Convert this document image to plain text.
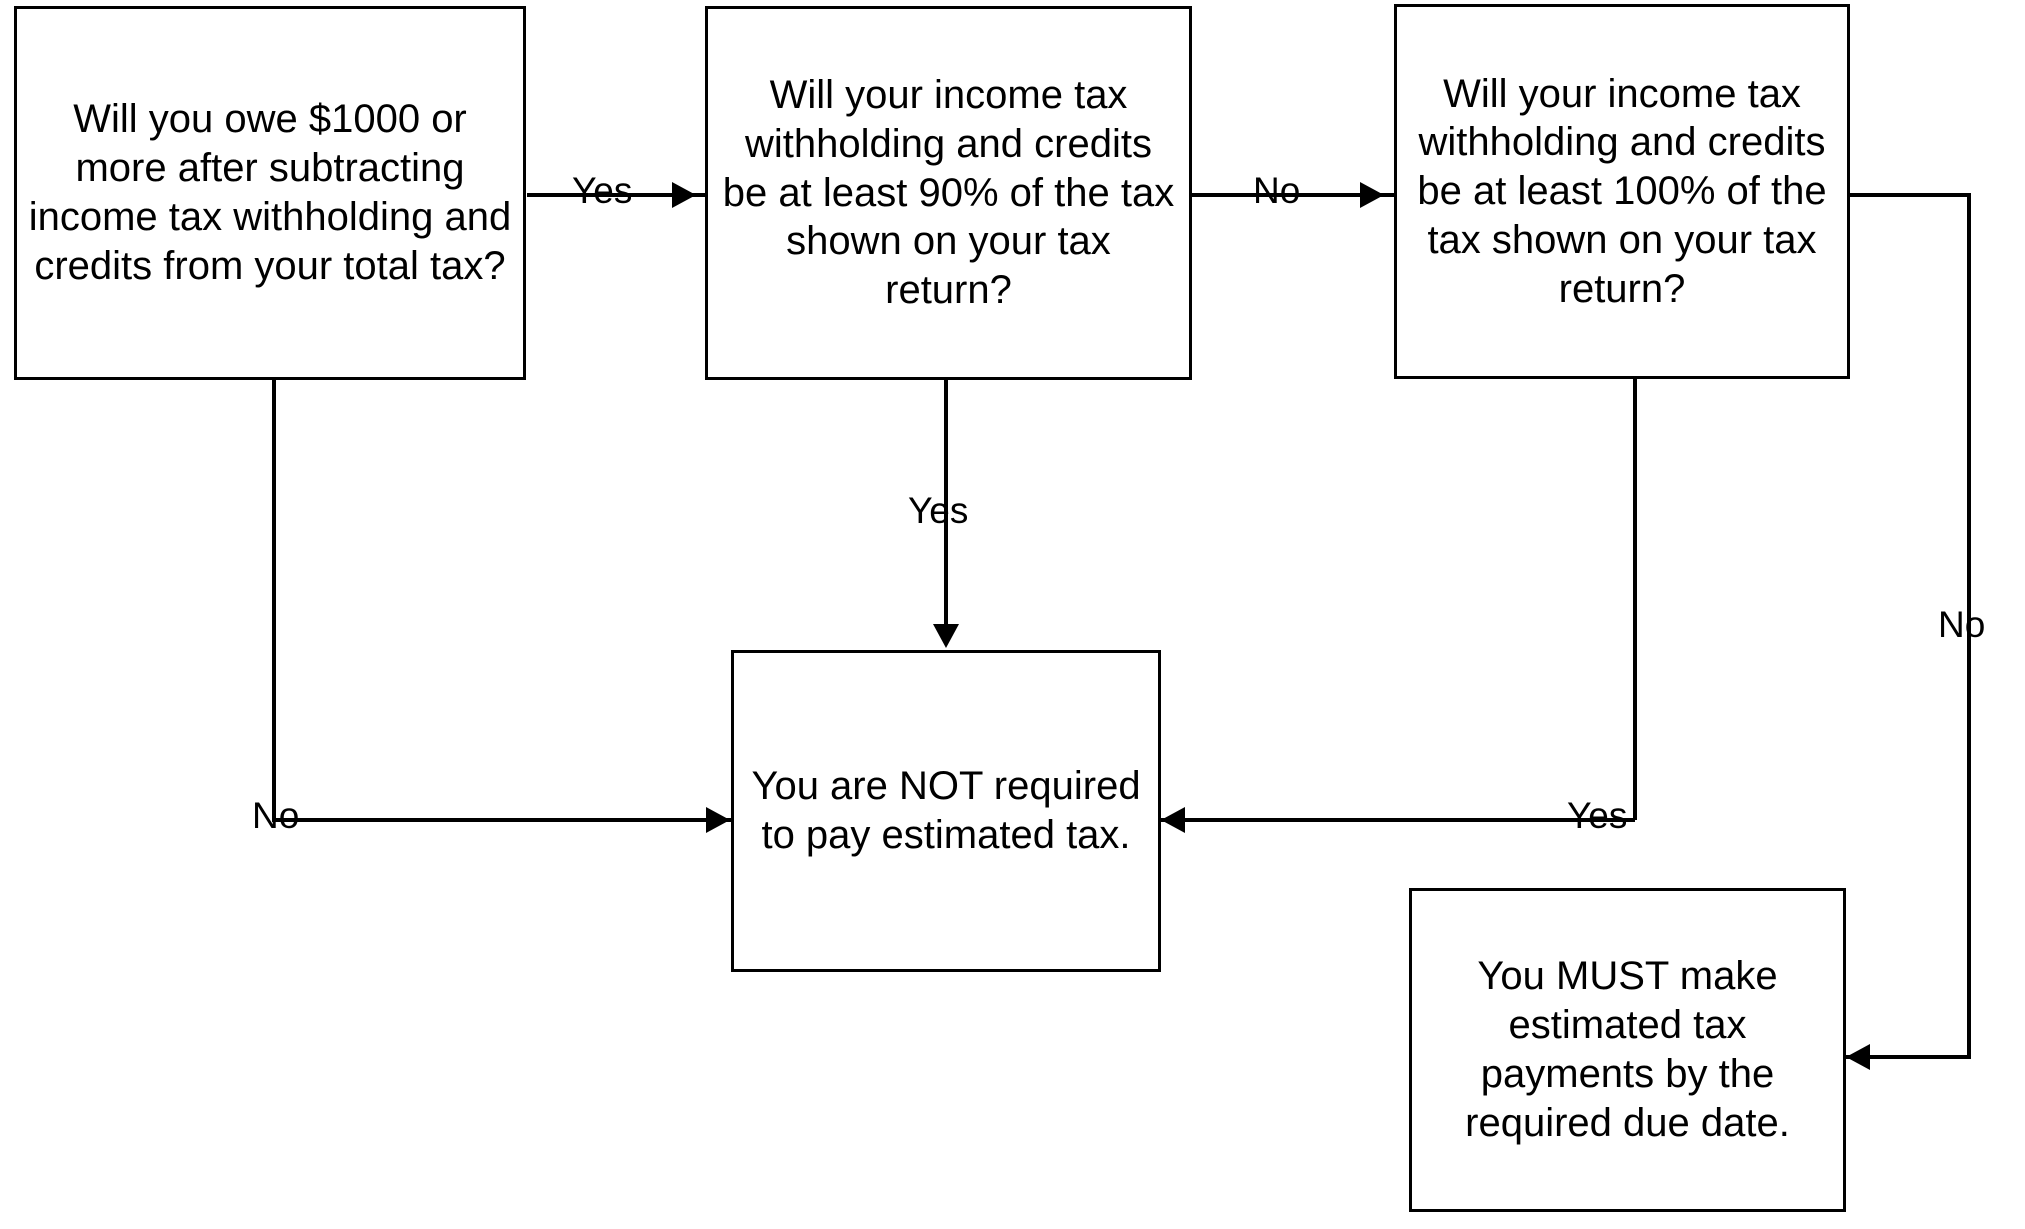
Will you owe $1000 or more after subtracting income tax withholding and credits from your total tax?
Will your income tax withholding and credits be at least 90% of the tax shown on your tax return?
Will your income tax withholding and credits be at least 100% of the tax shown on your tax return?
You are NOT required to pay estimated tax.
You MUST make estimated tax payments by the required due date.
Yes	No
No
Yes
Yes
No
